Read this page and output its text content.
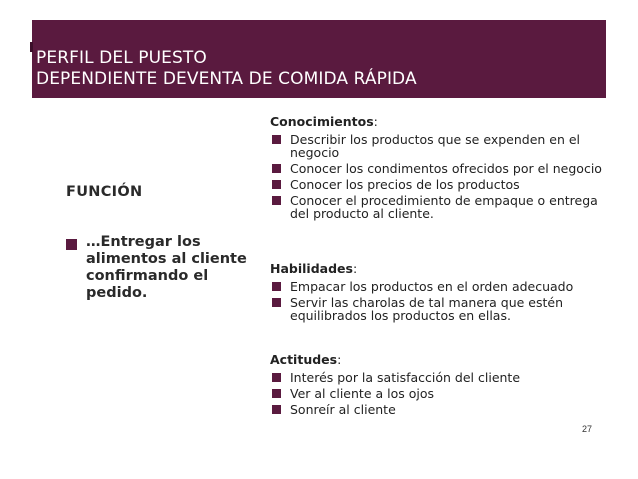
PERFIL DEL PUESTO
DEPENDIENTE DEVENTA DE COMIDA RÁPIDA
FUNCIÓN

…Entregar los
alimentos al cliente
confirmando el
pedido.

Conocimientos:

Describir los productos que se expenden en el
negocio
Conocer los condimentos ofrecidos por el negocio
Conocer los precios de los productos
Conocer el procedimiento de empaque o entrega
del producto al cliente.

Habilidades:

Empacar los productos en el orden adecuado
Servir las charolas de tal manera que estén
equilibrados los productos en ellas.

Actitudes:

Interés por la satisfacción del cliente
Ver al cliente a los ojos
Sonreír al cliente
27
